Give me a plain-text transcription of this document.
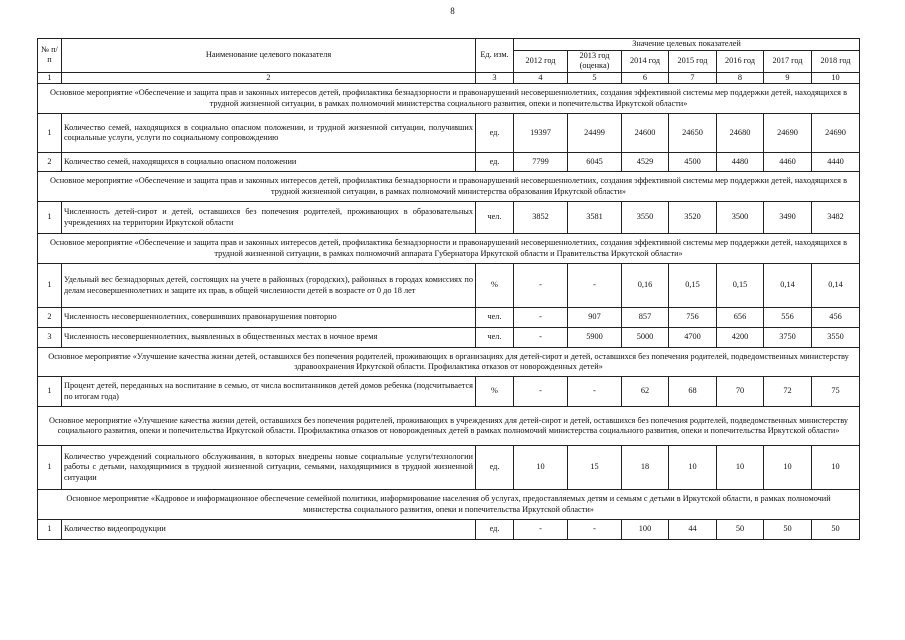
8
№ п/п	Наименование целевого показателя	Ед. изм.	Значение целевых показателей						
			2012 год	2013 год (оценка)	2014 год	2015 год	2016 год	2017 год	2018 год
1	2	3	4	5	6	7	8	9	10
Основное мероприятие «Обеспечение и защита прав и законных интересов детей, профилактика безнадзорности и правонарушений несовершеннолетних, создания эффективной системы мер поддержки детей, находящихся в трудной жизненной ситуации, в рамках полномочий министерства социального развития, опеки и попечительства Иркутской области»									
1	Количество семей, находящихся в социально опасном положении, и трудной жизненной ситуации, получивших социальные услуги, услуги по социальному сопровождению	ед.	19397	24499	24600	24650	24680	24690	24690
2	Количество семей, находящихся в социально опасном положении	ед.	7799	6045	4529	4500	4480	4460	4440
Основное мероприятие «Обеспечение и защита прав и законных интересов детей, профилактика безнадзорности и правонарушений несовершеннолетних, создания эффективной системы мер поддержки детей, находящихся в трудной жизненной ситуации, в рамках полномочий министерства образования Иркутской области»									
1	Численность детей-сирот и детей, оставшихся без попечения родителей, проживающих в образовательных учреждениях на территории Иркутской области	чел.	3852	3581	3550	3520	3500	3490	3482
Основное мероприятие «Обеспечение и защита прав и законных интересов детей, профилактика безнадзорности и правонарушений несовершеннолетних, создания эффективной системы мер поддержки детей, находящихся в трудной жизненной ситуации, в рамках полномочий аппарата Губернатора Иркутской области и Правительства Иркутской области»									
1	Удельный вес безнадзорных детей, состоящих на учете в районных (городских), районных в городах комиссиях по делам несовершеннолетних и защите их прав, в общей численности детей в возрасте от 0 до 18 лет	%	-	-	0,16	0,15	0,15	0,14	0,14
2	Численность несовершеннолетних, совершивших правонарушения повторно	чел.	-	907	857	756	656	556	456
3	Численность несовершеннолетних, выявленных в общественных местах в ночное время	чел.	-	5900	5000	4700	4200	3750	3550
Основное мероприятие «Улучшение качества жизни детей, оставшихся без попечения родителей, проживающих в организациях для детей-сирот и детей, оставшихся без попечения родителей, подведомственных министерству здравоохранения Иркутской области. Профилактика отказов от новорожденных детей»									
1	Процент детей, переданных на воспитание в семью, от числа воспитанников детей домов ребенка (подсчитывается по итогам года)	%	-	-	62	68	70	72	75
Основное мероприятие «Улучшение качества жизни детей, оставшихся без попечения родителей, проживающих в учреждениях для детей-сирот и детей, оставшихся без попечения родителей, подведомственных министерству социального развития, опеки и попечительства Иркутской области. Профилактика отказов от новорожденных детей в рамках полномочий министерства социального развития, опеки и попечительства Иркутской области»									
1	Количество учреждений социального обслуживания, в которых внедрены новые социальные услуги/технологии работы с детьми, находящимися в трудной жизненной ситуации, семьями, находящимися в трудной жизненной ситуации	ед.	10	15	18	10	10	10	10
Основное мероприятие «Кадровое и информационное обеспечение семейной политики, информирование населения об услугах, предоставляемых детям и семьям с детьми в Иркутской области, в рамках полномочий министерства социального развития, опеки и попечительства Иркутской области»									
1	Количество видеопродукции	ед.	-	-	100	44	50	50	50
